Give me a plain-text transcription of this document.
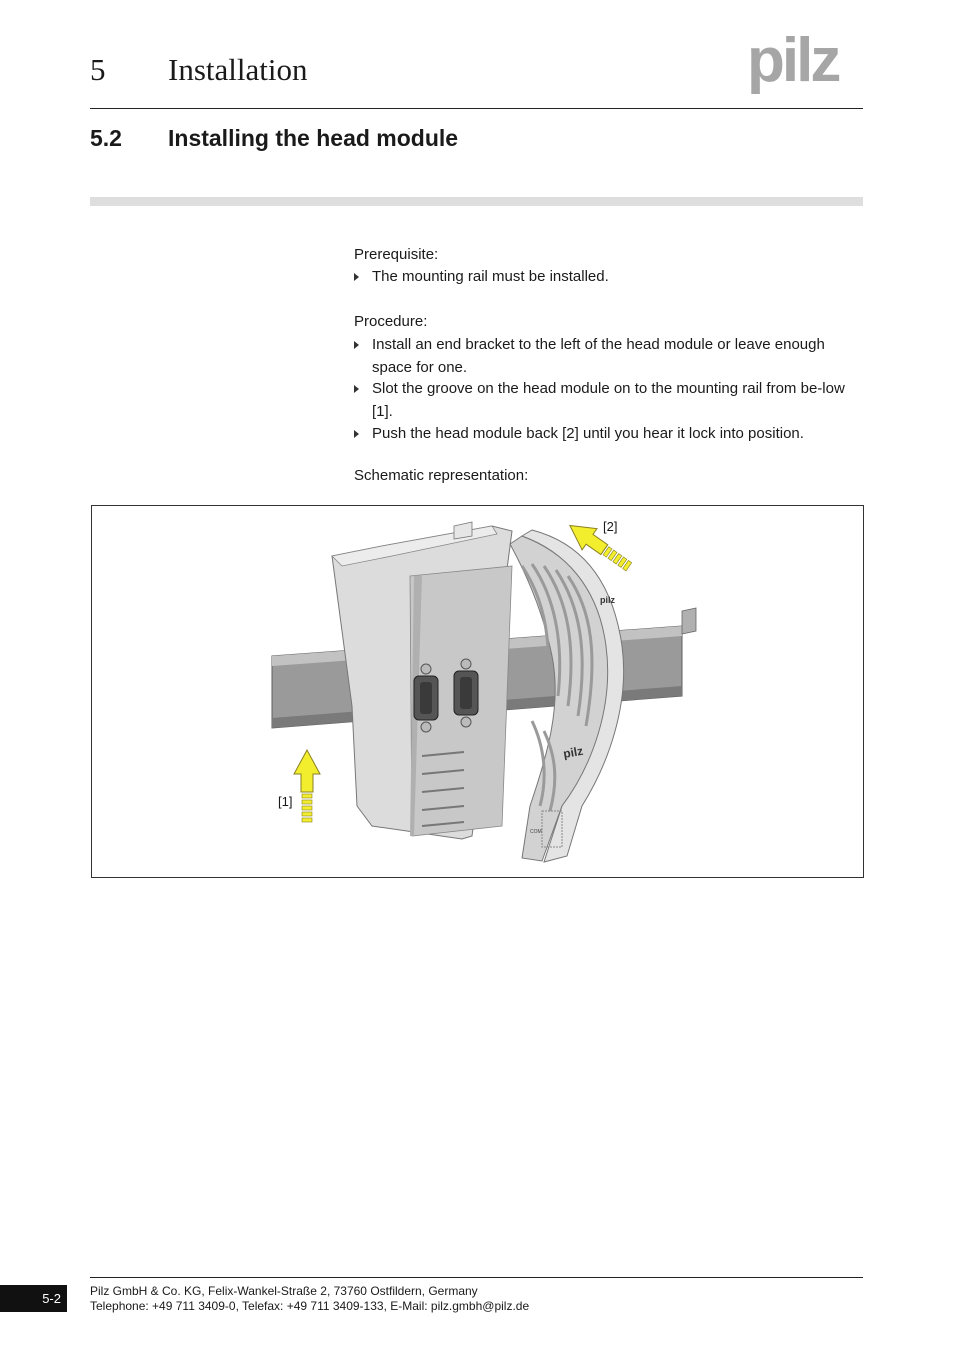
5 Installation	pilz
5.2 Installing the head module
Prerequisite:
The mounting rail must be installed.
Procedure:
Install an end bracket to the left of the head module or leave enough space for one.
Slot the groove on the head module on to the mounting rail from be-low [1].
Push the head module back [2] until you hear it lock into position.
Schematic representation:
pilz
pilz
COM
[1]
[2]
5-2	Pilz GmbH & Co. KG, Felix-Wankel-Straße 2, 73760 Ostfildern, Germany
Telephone: +49 711 3409-0, Telefax: +49 711 3409-133, E-Mail: pilz.gmbh@pilz.de
